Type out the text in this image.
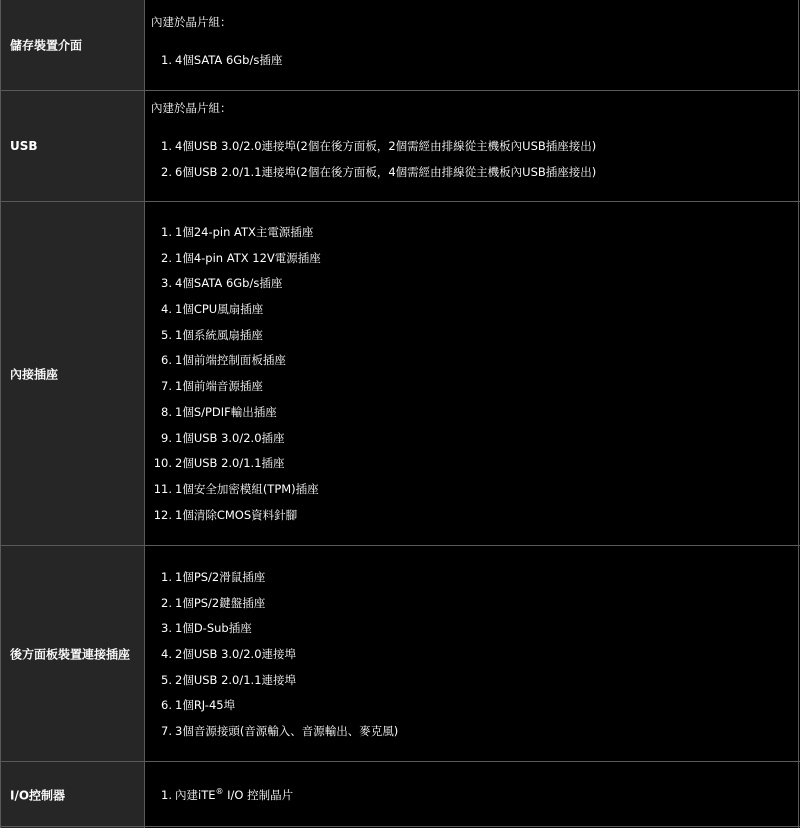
儲存裝置介面
內建於晶片組：
1. 4個SATA 6Gb/s插座
USB
內建於晶片組：
1. 4個USB 3.0/2.0連接埠(2個在後方面板，2個需經由排線從主機板內USB插座接出)
2. 6個USB 2.0/1.1連接埠(2個在後方面板，4個需經由排線從主機板內USB插座接出)
內接插座
1. 1個24-pin ATX主電源插座
2. 1個4-pin ATX 12V電源插座
3. 4個SATA 6Gb/s插座
4. 1個CPU風扇插座
5. 1個系統風扇插座
6. 1個前端控制面板插座
7. 1個前端音源插座
8. 1個S/PDIF輸出插座
9. 1個USB 3.0/2.0插座
10. 2個USB 2.0/1.1插座
11. 1個安全加密模組(TPM)插座
12. 1個清除CMOS資料針腳
後方面板裝置連接插座
1. 1個PS/2滑鼠插座
2. 1個PS/2鍵盤插座
3. 1個D-Sub插座
4. 2個USB 3.0/2.0連接埠
5. 2個USB 2.0/1.1連接埠
6. 1個RJ-45埠
7. 3個音源接頭(音源輸入、音源輸出、麥克風)
I/O控制器	1. 內建iTE® I/O 控制晶片
